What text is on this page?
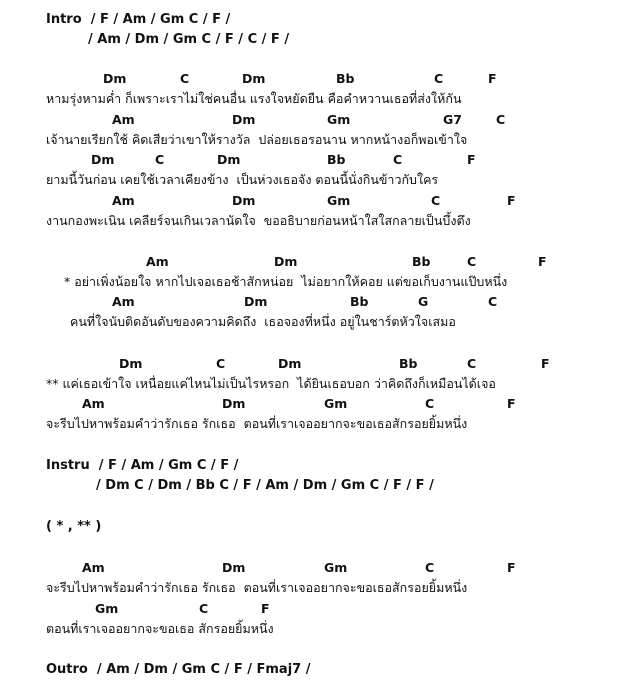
Intro  / F / Am / Gm C / F /
/ Am / Dm / Gm C / F / C / F /
Dm	C	Dm	Bb	C	F
หามรุ่งหามค่ำ ก็เพราะเราไม่ใช่คนอื่น แรงใจหยัดยืน คือคำหวานเธอที่ส่งให้กัน
Am	Dm	Gm	G7	C
เจ้านายเรียกใช้ คิดเสียว่าเขาให้รางวัล  ปล่อยเธอรอนาน หากหน้างอก็พอเข้าใจ
Dm	C	Dm	Bb	C	F
ยามนี้วันก่อน เคยใช้เวลาเคียงข้าง  เป็นห่วงเธอจัง ตอนนี้นั่งกินข้าวกับใคร
Am	Dm	Gm	C	F
งานกองพะเนิน เคลียร์จนเกินเวลานัดใจ  ขออธิบายก่อนหน้าใสใสกลายเป็นบึ้งตึง
Am	Dm	Bb	C	F
* อย่าเพิ่งน้อยใจ หากไปเจอเธอช้าสักหน่อย  ไม่อยากให้คอย แต่ขอเก็บงานแป๊บหนึ่ง
Am	Dm	Bb	G	C
คนที่ใจนับติดอันดับของความคิดถึง  เธอจองที่หนึ่ง อยู่ในชาร์ตหัวใจเสมอ
Dm	C	Dm	Bb	C	F
** แค่เธอเข้าใจ เหนื่อยแค่ไหนไม่เป็นไรหรอก  ได้ยินเธอบอก ว่าคิดถึงก็เหมือนได้เจอ
Am	Dm	Gm	C	F
จะรีบไปหาพร้อมคำว่ารักเธอ รักเธอ  ตอนที่เราเจออยากจะขอเธอสักรอยยิ้มหนึ่ง
Instru  / F / Am / Gm C / F /
/ Dm C / Dm / Bb C / F / Am / Dm / Gm C / F / F /
( * , ** )
Am	Dm	Gm	C	F
จะรีบไปหาพร้อมคำว่ารักเธอ รักเธอ  ตอนที่เราเจออยากจะขอเธอสักรอยยิ้มหนึ่ง
Gm	C	F
ตอนที่เราเจออยากจะขอเธอ สักรอยยิ้มหนึ่ง
Outro  / Am / Dm / Gm C / F / Fmaj7 /
